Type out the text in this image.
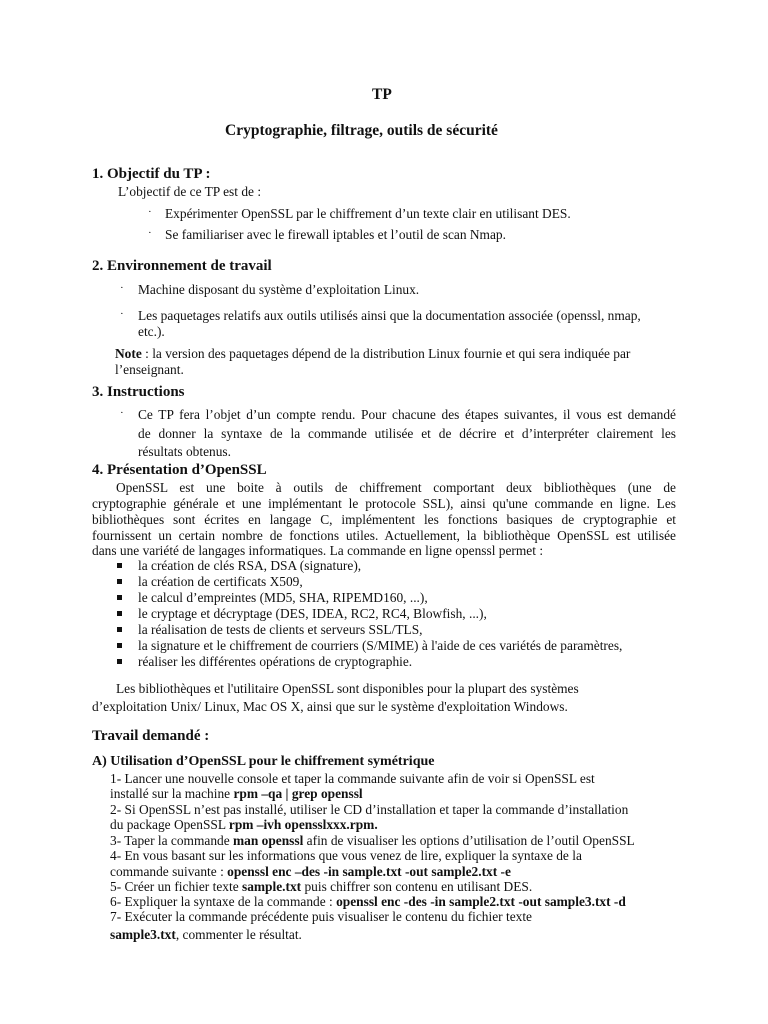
TP
Cryptographie, filtrage, outils de sécurité
1. Objectif du TP :
L’objectif de ce TP est de :
· Expérimenter OpenSSL par le chiffrement d’un texte clair en utilisant DES.
· Se familiariser avec le firewall iptables et l’outil de scan Nmap.
2. Environnement de travail
· Machine disposant du système d’exploitation Linux.
· Les paquetages relatifs aux outils utilisés ainsi que la documentation associée (openssl, nmap,
etc.).
Note : la version des paquetages dépend de la distribution Linux fournie et qui sera indiquée par
l’enseignant.
3. Instructions
· Ce TP fera l’objet d’un compte rendu. Pour chacune des étapes suivantes, il vous est demandé
de donner la syntaxe de la commande utilisée et de décrire et d’interpréter clairement les
résultats obtenus.
4. Présentation d’OpenSSL
OpenSSL est une boite à outils de chiffrement comportant deux bibliothèques (une de
cryptographie générale et une implémentant le protocole SSL), ainsi qu'une commande en ligne. Les
bibliothèques sont écrites en langage C, implémentent les fonctions basiques de cryptographie et
fournissent un certain nombre de fonctions utiles. Actuellement, la bibliothèque OpenSSL est utilisée
dans une variété de langages informatiques. La commande en ligne openssl permet :
la création de clés RSA, DSA (signature),
la création de certificats X509,
le calcul d’empreintes (MD5, SHA, RIPEMD160, ...),
le cryptage et décryptage (DES, IDEA, RC2, RC4, Blowfish, ...),
la réalisation de tests de clients et serveurs SSL/TLS,
la signature et le chiffrement de courriers (S/MIME) à l'aide de ces variétés de paramètres,
réaliser les différentes opérations de cryptographie.
Les bibliothèques et l'utilitaire OpenSSL sont disponibles pour la plupart des systèmes
d’exploitation Unix/ Linux, Mac OS X, ainsi que sur le système d'exploitation Windows.
Travail demandé :
A) Utilisation d’OpenSSL pour le chiffrement symétrique
1- Lancer une nouvelle console et taper la commande suivante afin de voir si OpenSSL est
installé sur la machine rpm –qa | grep openssl
2- Si OpenSSL n’est pas installé, utiliser le CD d’installation et taper la commande d’installation
du package OpenSSL rpm –ivh opensslxxx.rpm.
3- Taper la commande man openssl afin de visualiser les options d’utilisation de l’outil OpenSSL
4- En vous basant sur les informations que vous venez de lire, expliquer la syntaxe de la
commande suivante : openssl enc –des -in sample.txt -out sample2.txt -e
5- Créer un fichier texte sample.txt puis chiffrer son contenu en utilisant DES.
6- Expliquer la syntaxe de la commande : openssl enc -des -in sample2.txt -out sample3.txt -d
7- Exécuter la commande précédente puis visualiser le contenu du fichier texte
sample3.txt, commenter le résultat.
